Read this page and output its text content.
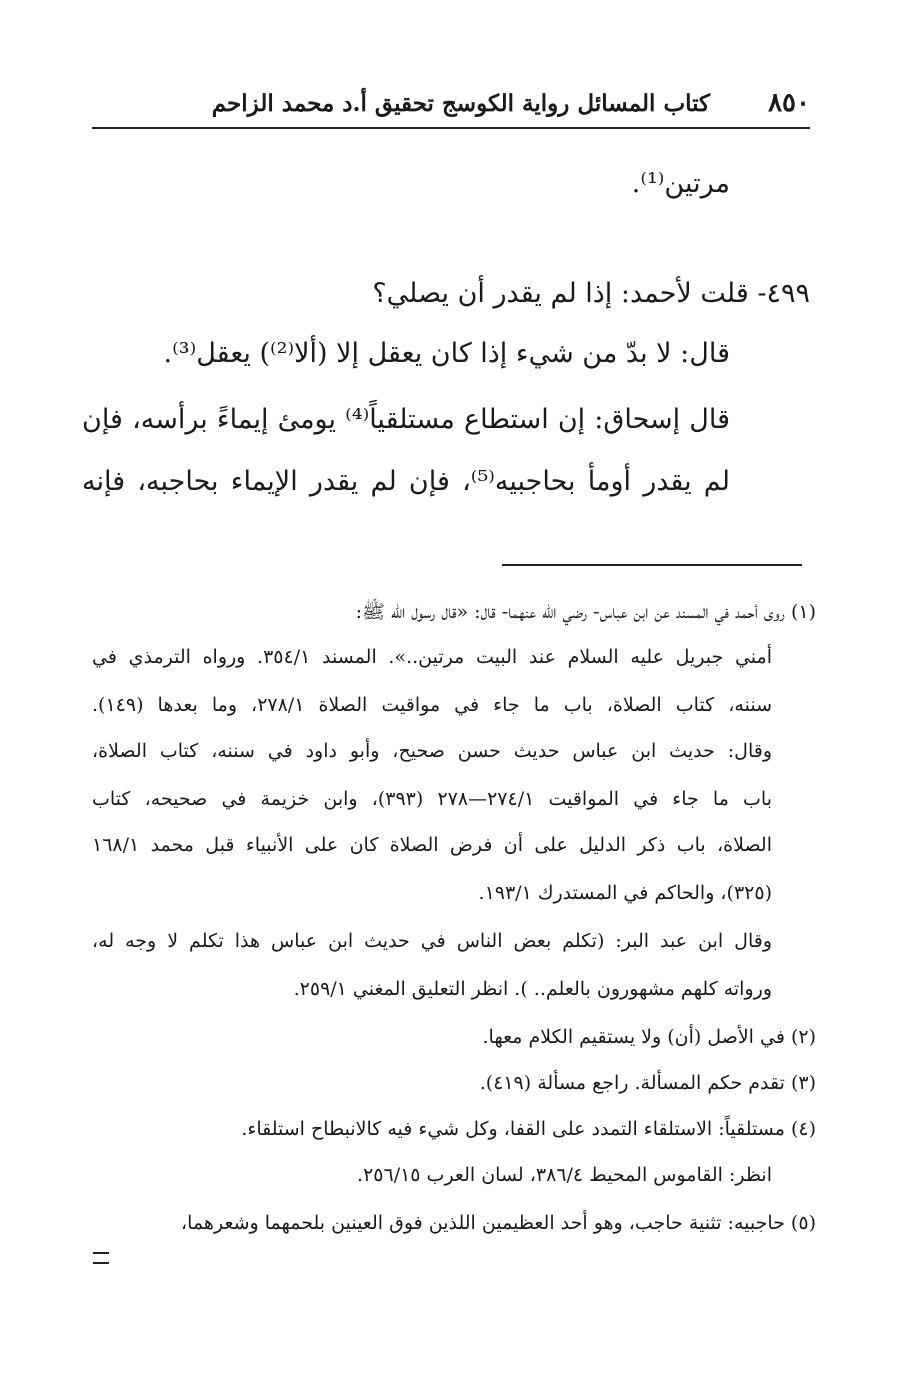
٨٥٠
كتاب المسائل رواية الكوسج تحقيق أ.د محمد الزاحم
مرتين⁽¹⁾.
٤٩٩- قلت لأحمد: إذا لم يقدر أن يصلي؟
قال: لا بدّ من شيء إذا كان يعقل إلا (ألا⁽²⁾) يعقل⁽³⁾.
قال إسحاق: إن استطاع مستلقياً⁽⁴⁾ يومئ إيماءً برأسه، فإن
لم يقدر أومأ بحاجبيه⁽⁵⁾، فإن لم يقدر الإيماء بحاجبه، فإنه
(١) روى أحمد في المسند عن ابن عباس- رضي الله عنهما- قال: «قال رسول الله ﷺ:
أمني جبريل عليه السلام عند البيت مرتين..». المسند ٣٥٤/١. ورواه الترمذي في
سننه، كتاب الصلاة، باب ما جاء في مواقيت الصلاة ٢٧٨/١، وما بعدها (١٤٩).
وقال: حديث ابن عباس حديث حسن صحيح، وأبو داود في سننه، كتاب الصلاة،
باب ما جاء في المواقيت ٢٧٤/١—٢٧٨ (٣٩٣)، وابن خزيمة في صحيحه، كتاب
الصلاة، باب ذكر الدليل على أن فرض الصلاة كان على الأنبياء قبل محمد ١٦٨/١
(٣٢٥)، والحاكم في المستدرك ١٩٣/١.
وقال ابن عبد البر: (تكلم بعض الناس في حديث ابن عباس هذا تكلم لا وجه له،
ورواته كلهم مشهورون بالعلم.. ). انظر التعليق المغني ٢٥٩/١.
(٢) في الأصل (أن) ولا يستقيم الكلام معها.
(٣) تقدم حكم المسألة. راجع مسألة (٤١٩).
(٤) مستلقياً: الاستلقاء التمدد على القفا، وكل شيء فيه كالانبطاح استلقاء.
انظر: القاموس المحيط ٣٨٦/٤، لسان العرب ٢٥٦/١٥.
(٥) حاجبيه: تثنية حاجب، وهو أحد العظيمين اللذين فوق العينين بلحمهما وشعرهما،
